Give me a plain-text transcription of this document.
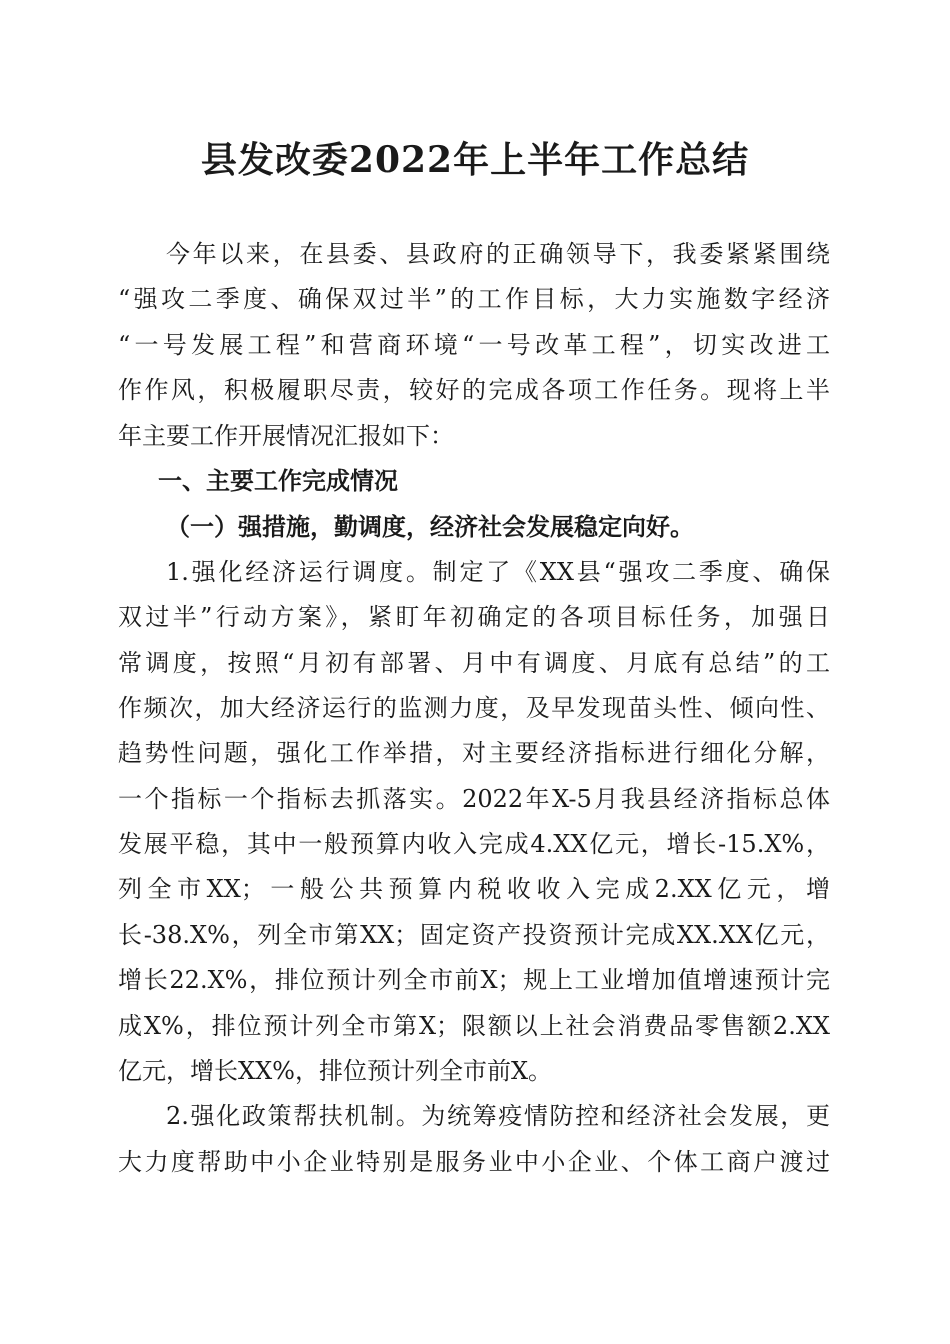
县发改委2022年上半年工作总结
今年以来，在县委、县政府的正确领导下，我委紧紧围绕
“强攻二季度、确保双过半”的工作目标，大力实施数字经济
“一号发展工程”和营商环境“一号改革工程”，切实改进工
作作风，积极履职尽责，较好的完成各项工作任务。现将上半
年主要工作开展情况汇报如下：
一、主要工作完成情况
（一）强措施，勤调度，经济社会发展稳定向好。
1.强化经济运行调度。制定了《XX县“强攻二季度、确保
双过半”行动方案》，紧盯年初确定的各项目标任务，加强日
常调度，按照“月初有部署、月中有调度、月底有总结”的工
作频次，加大经济运行的监测力度，及早发现苗头性、倾向性、
趋势性问题，强化工作举措，对主要经济指标进行细化分解，
一个指标一个指标去抓落实。2022年X-5月我县经济指标总体
发展平稳，其中一般预算内收入完成4.XX亿元，增长-15.X%，
列全市XX；一般公共预算内税收收入完成2.XX亿元，增
长-38.X%，列全市第XX；固定资产投资预计完成XX.XX亿元，
增长22.X%，排位预计列全市前X；规上工业增加值增速预计完
成X%，排位预计列全市第X；限额以上社会消费品零售额2.XX
亿元，增长XX%，排位预计列全市前X。
2.强化政策帮扶机制。为统筹疫情防控和经济社会发展，更
大力度帮助中小企业特别是服务业中小企业、个体工商户渡过
